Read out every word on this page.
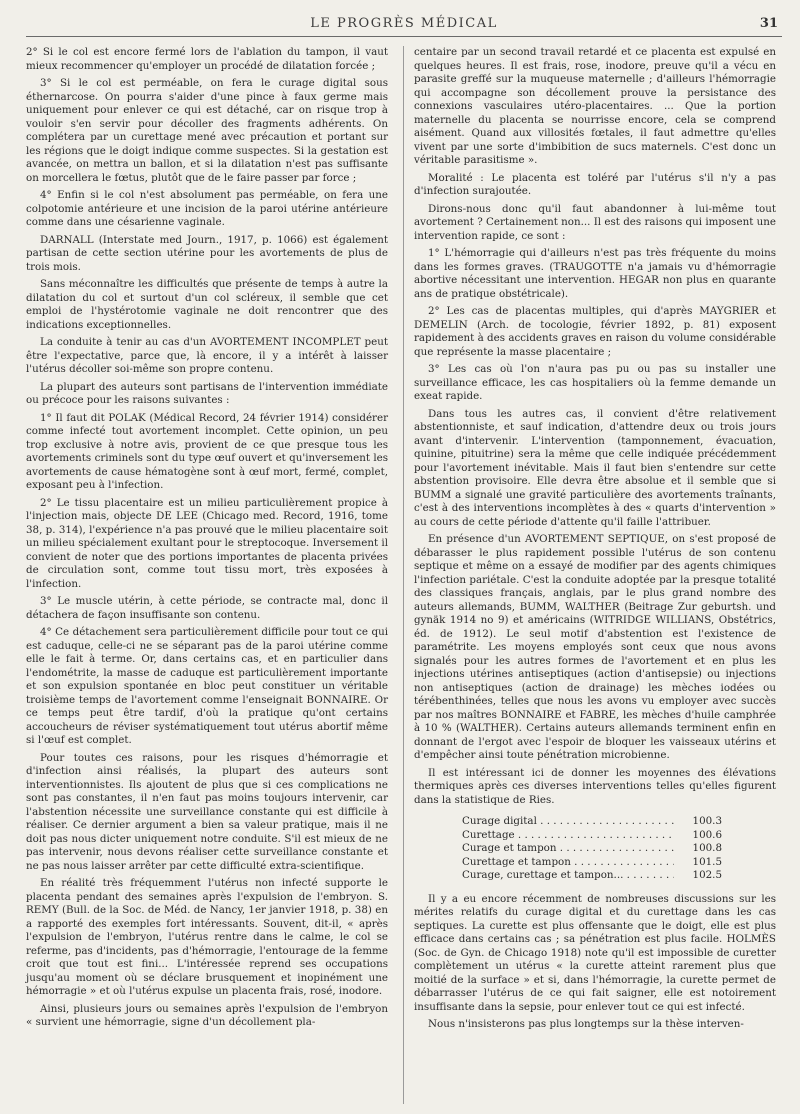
LE PROGRÈS MÉDICAL	31

2° Si le col est encore fermé lors de l'ablation du tampon, il vaut mieux recommencer qu'employer un procédé de dilatation forcée ;

3° Si le col est perméable, on fera le curage digital sous éthernarcose. On pourra s'aider d'une pince à faux germe mais uniquement pour enlever ce qui est détaché, car on risque trop à vouloir s'en servir pour décoller des fragments adhérents. On complétera par un curettage mené avec précaution et portant sur les régions que le doigt indique comme suspectes. Si la gestation est avancée, on mettra un ballon, et si la dilatation n'est pas suffisante on morcellera le fœtus, plutôt que de le faire passer par force ;

4° Enfin si le col n'est absolument pas perméable, on fera une colpotomie antérieure et une incision de la paroi utérine antérieure comme dans une césarienne vaginale.

DARNALL (Interstate med Journ., 1917, p. 1066) est également partisan de cette section utérine pour les avortements de plus de trois mois.

Sans méconnaître les difficultés que présente de temps à autre la dilatation du col et surtout d'un col scléreux, il semble que cet emploi de l'hystérotomie vaginale ne doit rencontrer que des indications exceptionnelles.

La conduite à tenir au cas d'un AVORTEMENT INCOMPLET peut être l'expectative, parce que, là encore, il y a intérêt à laisser l'utérus décoller soi-même son propre contenu.

La plupart des auteurs sont partisans de l'intervention immédiate ou précoce pour les raisons suivantes :

1° Il faut dit POLAK (Médical Record, 24 février 1914) considérer comme infecté tout avortement incomplet. Cette opinion, un peu trop exclusive à notre avis, provient de ce que presque tous les avortements criminels sont du type œuf ouvert et qu'inversement les avortements de cause hématogène sont à œuf mort, fermé, complet, exposant peu à l'infection.

2° Le tissu placentaire est un milieu particulièrement propice à l'injection mais, objecte DE LEE (Chicago med. Record, 1916, tome 38, p. 314), l'expérience n'a pas prouvé que le milieu placentaire soit un milieu spécialement exultant pour le streptocoque. Inversement il convient de noter que des portions importantes de placenta privées de circulation sont, comme tout tissu mort, très exposées à l'infection.

3° Le muscle utérin, à cette période, se contracte mal, donc il détachera de façon insuffisante son contenu.

4° Ce détachement sera particulièrement difficile pour tout ce qui est caduque, celle-ci ne se séparant pas de la paroi utérine comme elle le fait à terme. Or, dans certains cas, et en particulier dans l'endométrite, la masse de caduque est particulièrement importante et son expulsion spontanée en bloc peut constituer un véritable troisième temps de l'avortement comme l'enseignait BONNAIRE. Or ce temps peut être tardif, d'où la pratique qu'ont certains accoucheurs de réviser systématiquement tout utérus abortif même si l'œuf est complet.

Pour toutes ces raisons, pour les risques d'hémorragie et d'infection ainsi réalisés, la plupart des auteurs sont interventionnistes. Ils ajoutent de plus que si ces complications ne sont pas constantes, il n'en faut pas moins toujours intervenir, car l'abstention nécessite une surveillance constante qui est difficile à réaliser. Ce dernier argument a bien sa valeur pratique, mais il ne doit pas nous dicter uniquement notre conduite. S'il est mieux de ne pas intervenir, nous devons réaliser cette surveillance constante et ne pas nous laisser arrêter par cette difficulté extra-scientifique.

En réalité très fréquemment l'utérus non infecté supporte le placenta pendant des semaines après l'expulsion de l'embryon. S. REMY (Bull. de la Soc. de Méd. de Nancy, 1er janvier 1918, p. 38) en a rapporté des exemples fort intéressants. Souvent, dit-il, « après l'expulsion de l'embryon, l'utérus rentre dans le calme, le col se referme, pas d'incidents, pas d'hémorragie, l'entourage de la femme croit que tout est fini... L'intéressée reprend ses occupations jusqu'au moment où se déclare brusquement et inopinément une hémorragie » et où l'utérus expulse un placenta frais, rosé, inodore.

Ainsi, plusieurs jours ou semaines après l'expulsion de l'embryon « survient une hémorragie, signe d'un décollement pla-

centaire par un second travail retardé et ce placenta est expulsé en quelques heures. Il est frais, rose, inodore, preuve qu'il a vécu en parasite greffé sur la muqueuse maternelle ; d'ailleurs l'hémorragie qui accompagne son décollement prouve la persistance des connexions vasculaires utéro-placentaires. ... Que la portion maternelle du placenta se nourrisse encore, cela se comprend aisément. Quand aux villosités fœtales, il faut admettre qu'elles vivent par une sorte d'imbibition de sucs maternels. C'est donc un véritable parasitisme ».

Moralité : Le placenta est toléré par l'utérus s'il n'y a pas d'infection surajoutée.

Dirons-nous donc qu'il faut abandonner à lui-même tout avortement ? Certainement non... Il est des raisons qui imposent une intervention rapide, ce sont :

1° L'hémorragie qui d'ailleurs n'est pas très fréquente du moins dans les formes graves. (TRAUGOTTE n'a jamais vu d'hémorragie abortive nécessitant une intervention. HEGAR non plus en quarante ans de pratique obstétricale).

2° Les cas de placentas multiples, qui d'après MAYGRIER et DEMELIN (Arch. de tocologie, février 1892, p. 81) exposent rapidement à des accidents graves en raison du volume considérable que représente la masse placentaire ;

3° Les cas où l'on n'aura pas pu ou pas su installer une surveillance efficace, les cas hospitaliers où la femme demande un exeat rapide.

Dans tous les autres cas, il convient d'être relativement abstentionniste, et sauf indication, d'attendre deux ou trois jours avant d'intervenir. L'intervention (tamponnement, évacuation, quinine, pituitrine) sera la même que celle indiquée précédemment pour l'avortement inévitable. Mais il faut bien s'entendre sur cette abstention provisoire. Elle devra être absolue et il semble que si BUMM a signalé une gravité particulière des avortements traînants, c'est à des interventions incomplètes à des « quarts d'intervention » au cours de cette période d'attente qu'il faille l'attribuer.

En présence d'un AVORTEMENT SEPTIQUE, on s'est proposé de débarasser le plus rapidement possible l'utérus de son contenu septique et même on a essayé de modifier par des agents chimiques l'infection pariétale. C'est la conduite adoptée par la presque totalité des classiques français, anglais, par le plus grand nombre des auteurs allemands, BUMM, WALTHER (Beitrage Zur geburtsh. und gynäk 1914 no 9) et américains (WITRIDGE WILLIANS, Obstétrics, éd. de 1912). Le seul motif d'abstention est l'existence de paramétrite. Les moyens employés sont ceux que nous avons signalés pour les autres formes de l'avortement et en plus les injections utérines antiseptiques (action d'antisepsie) ou injections non antiseptiques (action de drainage) les mèches iodées ou térébenthinées, telles que nous les avons vu employer avec succès par nos maîtres BONNAIRE et FABRE, les mèches d'huile camphrée à 10 % (WALTHER). Certains auteurs allemands terminent enfin en donnant de l'ergot avec l'espoir de bloquer les vaisseaux utérins et d'empêcher ainsi toute pénétration microbienne.

Il est intéressant ici de donner les moyennes des élévations thermiques après ces diverses interventions telles qu'elles figurent dans la statistique de Ries.

Curage digital . . .	100.3
Curettage . . .	100.6
Curage et tampon . . .	100.8
Curettage et tampon . . .	101.5
Curage, curettage et tampon... . . .	102.5

Il y a eu encore récemment de nombreuses discussions sur les mérites relatifs du curage digital et du curettage dans les cas septiques. La curette est plus offensante que le doigt, elle est plus efficace dans certains cas ; sa pénétration est plus facile. HOLMÈS (Soc. de Gyn. de Chicago 1918) note qu'il est impossible de curetter complètement un utérus « la curette atteint rarement plus que moitié de la surface » et si, dans l'hémorragie, la curette permet de débarrasser l'utérus de ce qui fait saigner, elle est notoirement insuffisante dans la sepsie, pour enlever tout ce qui est infecté.

Nous n'insisterons pas plus longtemps sur la thèse interven-
